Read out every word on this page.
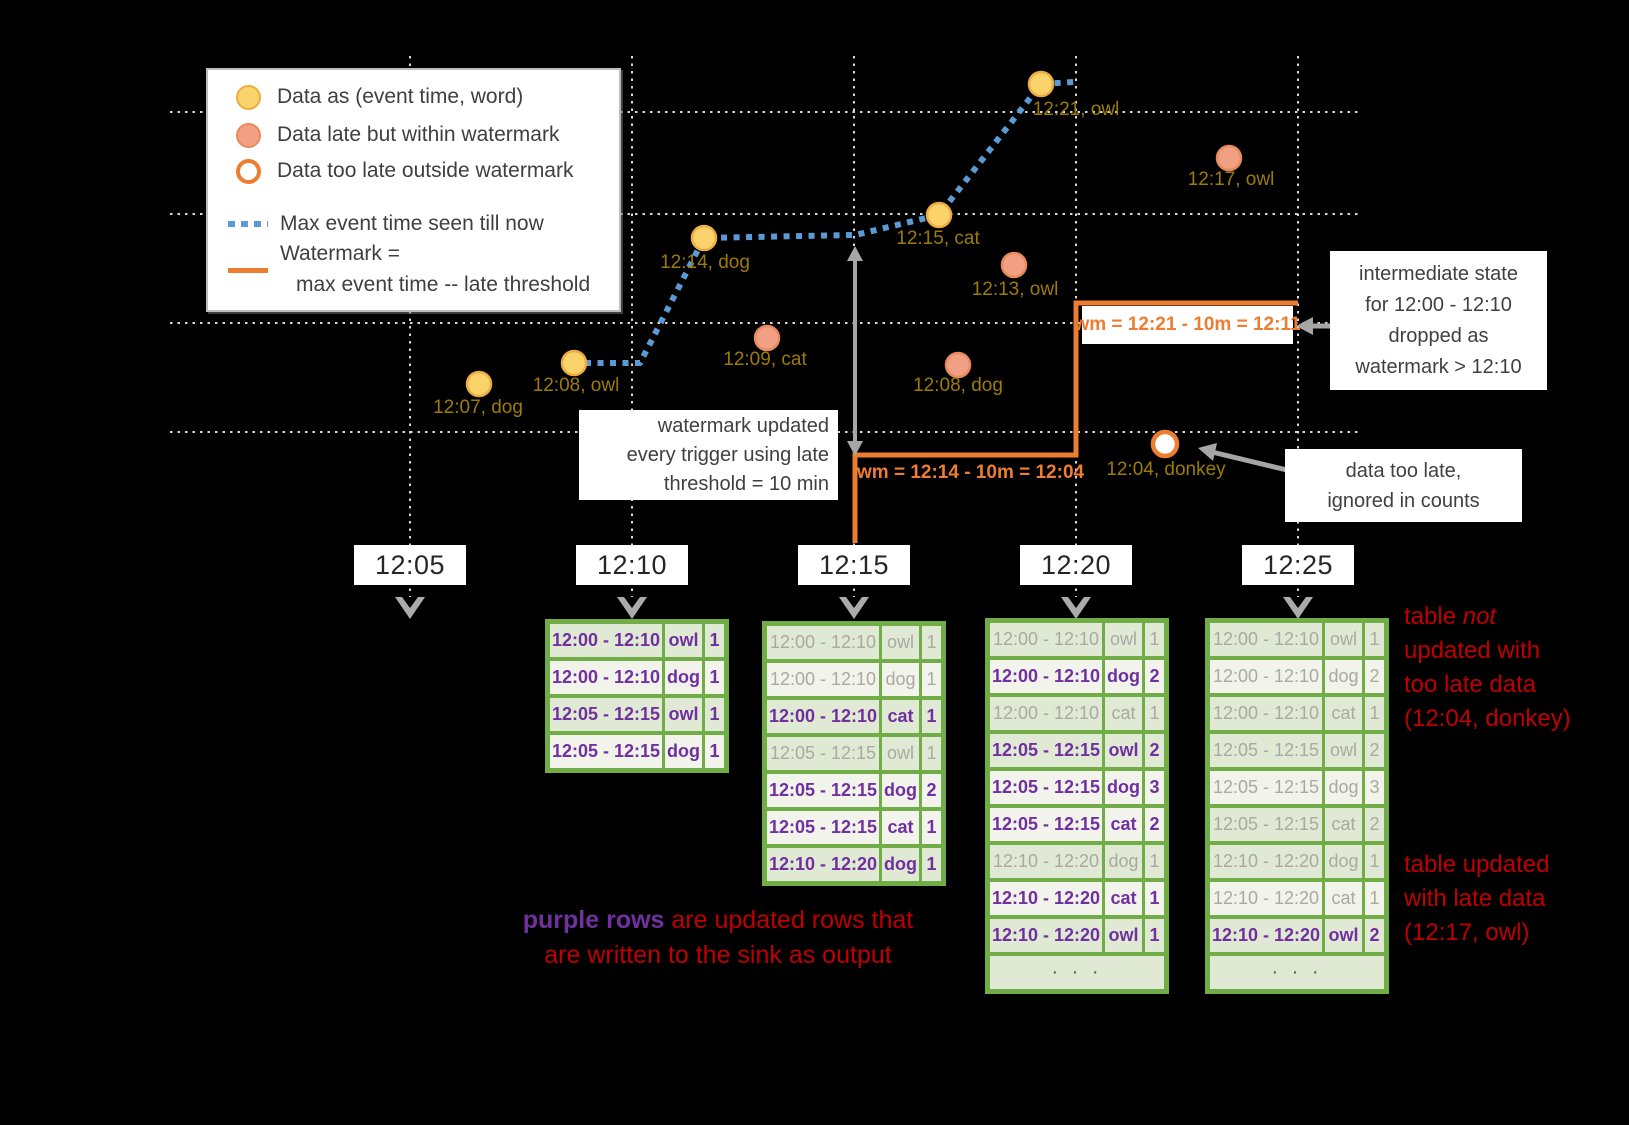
12:07, dog
12:08, owl
12:14, dog
12:09, cat
12:15, cat
12:13, owl
12:08, dog
12:21, owl
12:17, owl
12:04, donkey
wm = 12:14 - 10m = 12:04
wm = 12:21 - 10m = 12:11
12:05	12:10	12:15	12:20	12:25
Data as (event time, word)
Data late but within watermark
Data too late outside watermark
Max event time seen till now
Watermark =
max event time -- late threshold
watermark updated
every trigger using late
threshold = 10 min
intermediate state
for 12:00 - 12:10
dropped as
watermark > 12:10
data too late,
ignored in counts
12:00 - 12:10 owl 1
12:00 - 12:10 dog 1
12:05 - 12:15 owl 1
12:05 - 12:15 dog 1
12:00 - 12:10 owl 1
12:00 - 12:10 dog 1
12:00 - 12:10 cat 1
12:05 - 12:15 owl 1
12:05 - 12:15 dog 2
12:05 - 12:15 cat 1
12:10 - 12:20 dog 1
12:00 - 12:10 owl 1
12:00 - 12:10 dog 2
12:00 - 12:10 cat 1
12:05 - 12:15 owl 2
12:05 - 12:15 dog 3
12:05 - 12:15 cat 2
12:10 - 12:20 dog 1
12:10 - 12:20 cat 1
12:10 - 12:20 owl 1
· · ·
12:00 - 12:10 owl 1
12:00 - 12:10 dog 2
12:00 - 12:10 cat 1
12:05 - 12:15 owl 2
12:05 - 12:15 dog 3
12:05 - 12:15 cat 2
12:10 - 12:20 dog 1
12:10 - 12:20 cat 1
12:10 - 12:20 owl 2
· · ·
table not
updated with
too late data
(12:04, donkey)
table updated
with late data
(12:17, owl)
purple rows are updated rows that
are written to the sink as output
